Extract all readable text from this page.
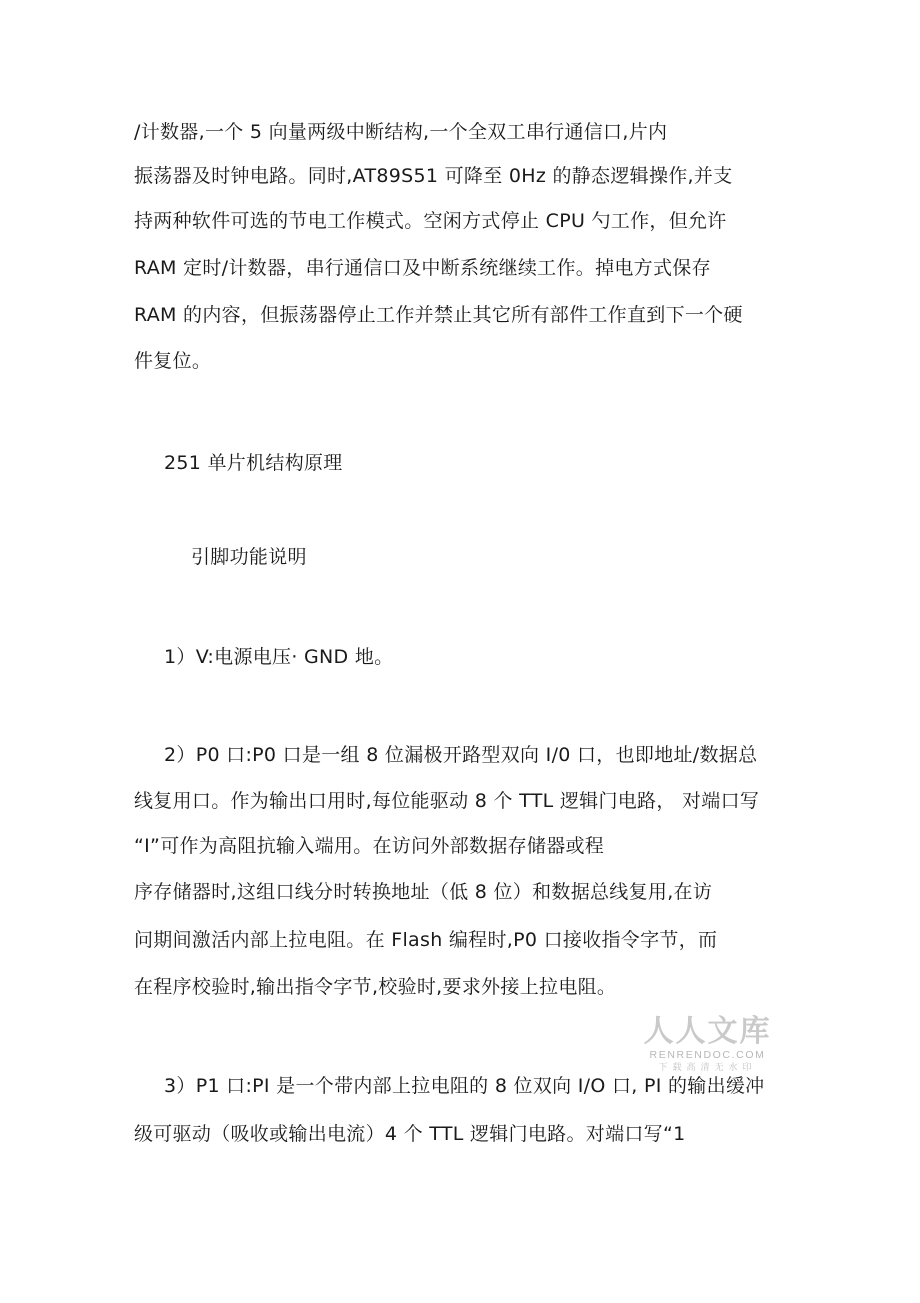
/计数器,一个 5 向量两级中断结构,一个全双工串行通信口,片内
振荡器及时钟电路。同时,AT89S51 可降至 0Hz 的静态逻辑操作,并支
持两种软件可选的节电工作模式。空闲方式停止 CPU 勺工作，但允许
RAM 定时/计数器，串行通信口及中断系统继续工作。掉电方式保存
RAM 的内容，但振荡器停止工作并禁止其它所有部件工作直到下一个硬
件复位。
251 单片机结构原理
引脚功能说明
1）V:电源电压· GND 地。
2）P0 口:P0 口是一组 8 位漏极开路型双向 I/0 口，也即地址/数据总
线复用口。作为输出口用时,每位能驱动 8 个 TTL 逻辑门电路， 对端口写
“I”可作为高阻抗输入端用。在访问外部数据存储器或程
序存储器时,这组口线分时转换地址（低 8 位）和数据总线复用,在访
问期间激活内部上拉电阻。在 Flash 编程时,P0 口接收指令字节，而
在程序校验时,输出指令字节,校验时,要求外接上拉电阻。
3）P1 口:PI 是一个带内部上拉电阻的 8 位双向 I/O 口, PI 的输出缓冲
级可驱动（吸收或输出电流）4 个 TTL 逻辑门电路。对端口写“1
人人文库
RENRENDOC.COM
下载高清无水印
